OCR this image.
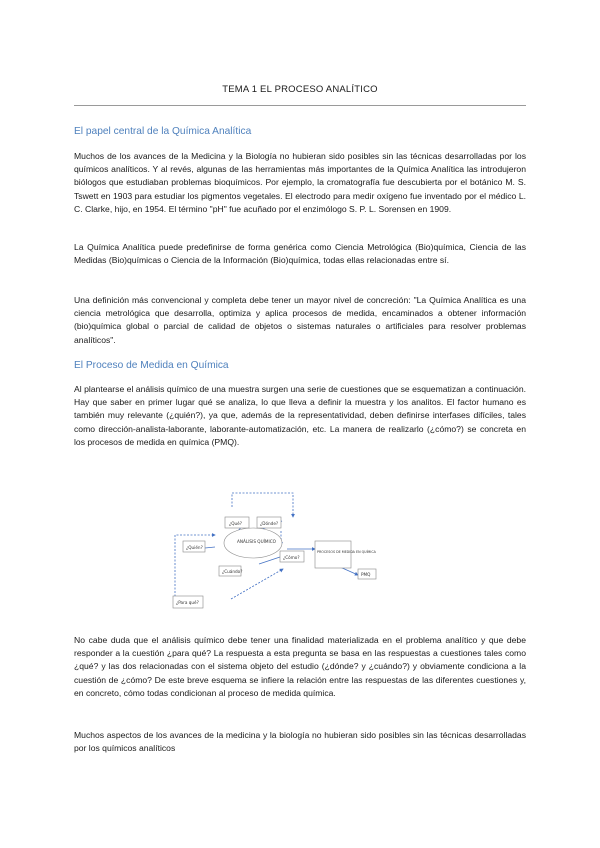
TEMA 1 EL PROCESO ANALÍTICO
El papel central de la Química Analítica

Muchos de los avances de la Medicina y la Biología no hubieran sido posibles sin las técnicas desarrolladas por los químicos analíticos. Y al revés, algunas de las herramientas más importantes de la Química Analítica las introdujeron biólogos que estudiaban problemas bioquímicos. Por ejemplo, la cromatografía fue descubierta por el botánico M. S. Tswett en 1903 para estudiar los pigmentos vegetales. El electrodo para medir oxígeno fue inventado por el médico L. C. Clarke, hijo, en 1954. El término "pH" fue acuñado por el enzimólogo S. P. L. Sorensen en 1909.

La Química Analítica puede predefinirse de forma genérica como Ciencia Metrológica (Bio)química, Ciencia de las Medidas (Bio)químicas o Ciencia de la Información (Bio)química, todas ellas relacionadas entre sí.

Una definición más convencional y completa debe tener un mayor nivel de concreción: "La Química Analítica es una ciencia metrológica que desarrolla, optimiza y aplica procesos de medida, encaminados a obtener información (bio)química global o parcial de calidad de objetos o sistemas naturales o artificiales para resolver problemas analíticos".

El Proceso de Medida en Química

Al plantearse el análisis químico de una muestra surgen una serie de cuestiones que se esquematizan a continuación. Hay que saber en primer lugar qué se analiza, lo que lleva a definir la muestra y los analitos. El factor humano es también muy relevante (¿quién?), ya que, además de la representatividad, deben definirse interfases difíciles, tales como dirección-analista-laborante, laborante-automatización, etc. La manera de realizarlo (¿cómo?) se concreta en los procesos de medida en química (PMQ).

¿Qué?	¿Dónde?
¿Quién?
ANÁLISIS QUÍMICO
¿Cómo?
¿Cuándo?
¿Para qué?
PROCESOS DE MEDIDA EN QUÍMICA
PMQ

No cabe duda que el análisis químico debe tener una finalidad materializada en el problema analítico y que debe responder a la cuestión ¿para qué? La respuesta a esta pregunta se basa en las respuestas a cuestiones tales como ¿qué? y las dos relacionadas con el sistema objeto del estudio (¿dónde? y ¿cuándo?) y obviamente condiciona a la cuestión de ¿cómo? De este breve esquema se infiere la relación entre las respuestas de las diferentes cuestiones y, en concreto, cómo todas condicionan al proceso de medida química.

Muchos aspectos de los avances de la medicina y la biología no hubieran sido posibles sin las técnicas desarrolladas por los químicos analíticos
